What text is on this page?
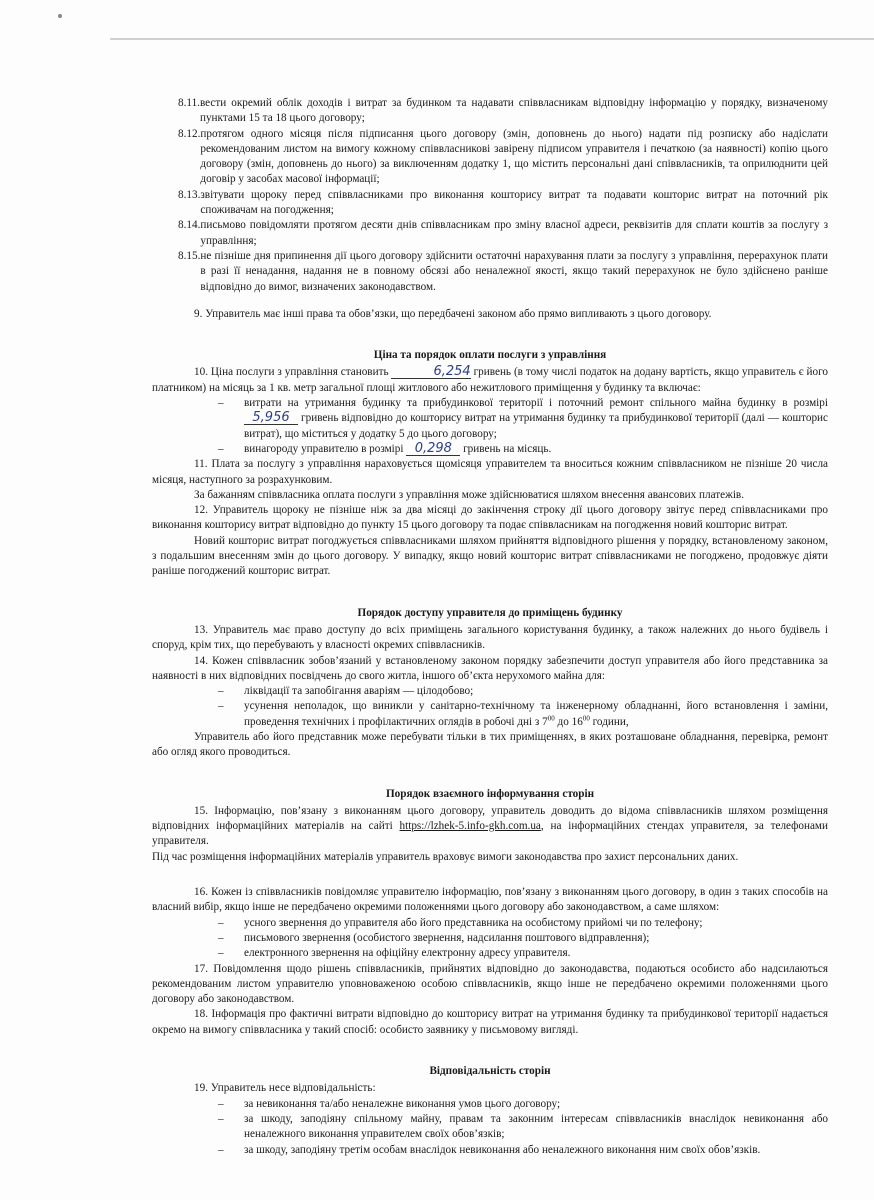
8.11. вести окремий облік доходів і витрат за будинком та надавати співвласникам відповідну інформацію у порядку, визначеному пунктами 15 та 18 цього договору;
8.12. протягом одного місяця після підписання цього договору (змін, доповнень до нього) надати під розписку або надіслати рекомендованим листом на вимогу кожному співвласникові завірену підписом управителя і печаткою (за наявності) копію цього договору (змін, доповнень до нього) за виключенням додатку 1, що містить персональні дані співвласників, та оприлюднити цей договір у засобах масової інформації;
8.13. звітувати щороку перед співвласниками про виконання кошторису витрат та подавати кошторис витрат на поточний рік споживачам на погодження;
8.14. письмово повідомляти протягом десяти днів співвласникам про зміну власної адреси, реквізитів для сплати коштів за послугу з управління;
8.15. не пізніше дня припинення дії цього договору здійснити остаточні нарахування плати за послугу з управління, перерахунок плати в разі її ненадання, надання не в повному обсязі або неналежної якості, якщо такий перерахунок не було здійснено раніше відповідно до вимог, визначених законодавством.

9. Управитель має інші права та обов’язки, що передбачені законом або прямо випливають з цього договору.

Ціна та порядок оплати послуги з управління

10. Ціна послуги з управління становить	6,254 гривень (в тому числі податок на додану вартість, якщо управитель є його платником) на місяць за 1 кв. метр загальної площі житлового або нежитлового приміщення у будинку та включає:

–	витрати на утримання будинку та прибудинкової території і поточний ремонт спільного майна будинку в розмірі 5,956 гривень відповідно до кошторису витрат на утримання будинку та прибудинкової території (далі — кошторис витрат), що міститься у додатку 5 до цього договору;
–	винагороду управителю в розмірі 0,298 гривень на місяць.

11. Плата за послугу з управління нараховується щомісяця управителем та вноситься кожним співвласником не пізніше 20 числа місяця, наступного за розрахунковим.

За бажанням співвласника оплата послуги з управління може здійснюватися шляхом внесення авансових платежів.

12. Управитель щороку не пізніше ніж за два місяці до закінчення строку дії цього договору звітує перед співвласниками про виконання кошторису витрат відповідно до пункту 15 цього договору та подає співвласникам на погодження новий кошторис витрат.

Новий кошторис витрат погоджується співвласниками шляхом прийняття відповідного рішення у порядку, встановленому законом, з подальшим внесенням змін до цього договору. У випадку, якщо новий кошторис витрат співвласниками не погоджено, продовжує діяти раніше погоджений кошторис витрат.

Порядок доступу управителя до приміщень будинку

13. Управитель має право доступу до всіх приміщень загального користування будинку, а також належних до нього будівель і споруд, крім тих, що перебувають у власності окремих співвласників.

14. Кожен співвласник зобов’язаний у встановленому законом порядку забезпечити доступ управителя або його представника за наявності в них відповідних посвідчень до свого житла, іншого об’єкта нерухомого майна для:

–	ліквідації та запобігання аваріям — цілодобово;
–	усунення неполадок, що виникли у санітарно-технічному та інженерному обладнанні, його встановлення і заміни, проведення технічних і профілактичних оглядів в робочі дні з $7^{00}$ до $16^{00}$ години,

Управитель або його представник може перебувати тільки в тих приміщеннях, в яких розташоване обладнання, перевірка, ремонт або огляд якого проводиться.

Порядок взаємного інформування сторін

15. Інформацію, пов’язану з виконанням цього договору, управитель доводить до відома співвласників шляхом розміщення відповідних інформаційних матеріалів на сайті https://lzhek-5.info-gkh.com.ua, на інформаційних стендах управителя, за телефонами управителя.

Під час розміщення інформаційних матеріалів управитель враховує вимоги законодавства про захист персональних даних.

16. Кожен із співвласників повідомляє управителю інформацію, пов’язану з виконанням цього договору, в один з таких способів на власний вибір, якщо інше не передбачено окремими положеннями цього договору або законодавством, а саме шляхом:

–	усного звернення до управителя або його представника на особистому прийомі чи по телефону;
–	письмового звернення (особистого звернення, надсилання поштового відправлення);
–	електронного звернення на офіційну електронну адресу управителя.

17. Повідомлення щодо рішень співвласників, прийнятих відповідно до законодавства, подаються особисто або надсилаються рекомендованим листом управителю уповноваженою особою співвласників, якщо інше не передбачено окремими положеннями цього договору або законодавством.

18. Інформація про фактичні витрати відповідно до кошторису витрат на утримання будинку та прибудинкової території надається окремо на вимогу співвласника у такий спосіб: особисто заявнику у письмовому вигляді.

Відповідальність сторін

19. Управитель несе відповідальність:

–	за невиконання та/або неналежне виконання умов цього договору;
–	за шкоду, заподіяну спільному майну, правам та законним інтересам співвласників внаслідок невиконання або неналежного виконання управителем своїх обов’язків;
–	за шкоду, заподіяну третім особам внаслідок невиконання або неналежного виконання ним своїх обов’язків.
